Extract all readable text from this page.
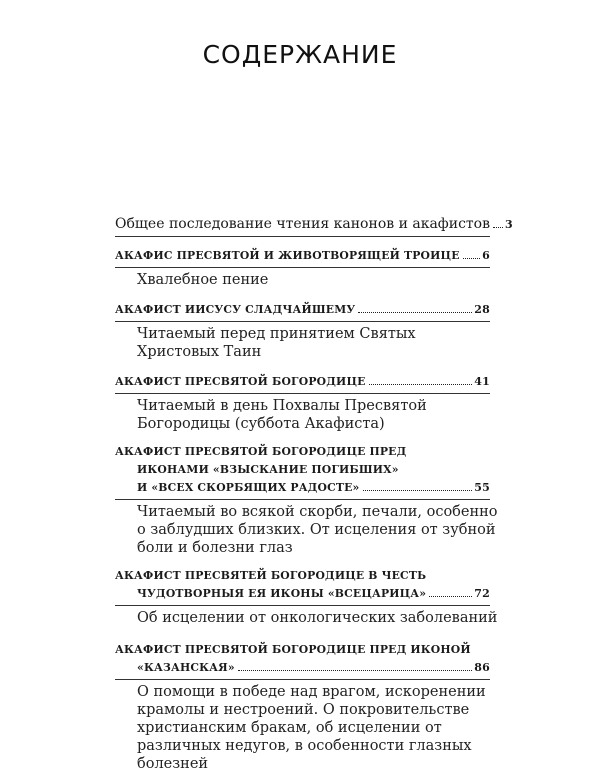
СОДЕРЖАНИЕ
Общее последование чтения канонов и акафистов 3
АКАФИС ПРЕСВЯТОЙ И ЖИВОТВОРЯЩЕЙ ТРОИЦЕ 6
Хвалебное пение
АКАФИСТ ИИСУСУ СЛАДЧАЙШЕМУ	28
Читаемый перед принятием Святых
Христовых Таин
АКАФИСТ ПРЕСВЯТОЙ БОГОРОДИЦЕ	41
Читаемый в день Похвалы Пресвятой
Богородицы (суббота Акафиста)
АКАФИСТ ПРЕСВЯТОЙ БОГОРОДИЦЕ ПРЕД
ИКОНАМИ «ВЗЫСКАНИЕ ПОГИБШИХ»
И «ВСЕХ СКОРБЯЩИХ РАДОСТЕ»	55
Читаемый во всякой скорби, печали, особенно
о заблудших близких. От исцеления от зубной
боли и болезни глаз
АКАФИСТ ПРЕСВЯТЕЙ БОГОРОДИЦЕ В ЧЕСТЬ
ЧУДОТВОРНЫЯ ЕЯ ИКОНЫ «ВСЕЦАРИЦА»	72
Об исцелении от онкологических заболеваний
АКАФИСТ ПРЕСВЯТОЙ БОГОРОДИЦЕ ПРЕД ИКОНОЙ
«КАЗАНСКАЯ»	86
О помощи в победе над врагом, искоренении
крамолы и нестроений. О покровительстве
христианским бракам, об исцелении от
различных недугов, в особенности глазных
болезней
